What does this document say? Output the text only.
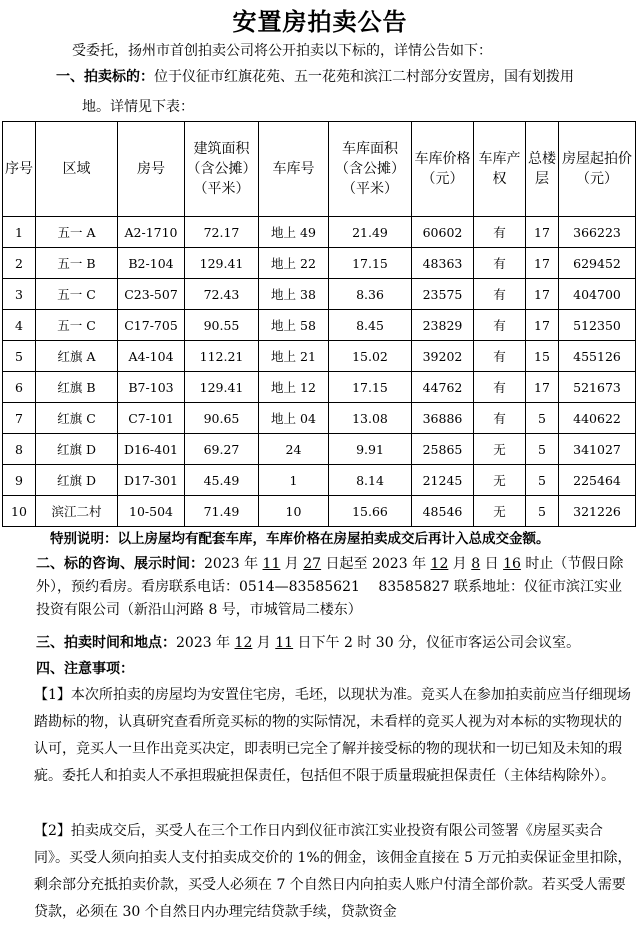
安置房拍卖公告
受委托，扬州市首创拍卖公司将公开拍卖以下标的，详情公告如下：
一、拍卖标的：位于仪征市红旗花苑、五一花苑和滨江二村部分安置房，国有划拨用
地。详情见下表：
序号	区域	房号	建筑面积（含公摊）（平米）	车库号	车库面积（含公摊）（平米）	车库价格（元）	车库产权	总楼层	房屋起拍价（元）
1	五一 A	A2-1710	72.17	地上 49	21.49	60602	有	17	366223
2	五一 B	B2-104	129.41	地上 22	17.15	48363	有	17	629452
3	五一 C	C23-507	72.43	地上 38	8.36	23575	有	17	404700
4	五一 C	C17-705	90.55	地上 58	8.45	23829	有	17	512350
5	红旗 A	A4-104	112.21	地上 21	15.02	39202	有	15	455126
6	红旗 B	B7-103	129.41	地上 12	17.15	44762	有	17	521673
7	红旗 C	C7-101	90.65	地上 04	13.08	36886	有	5	440622
8	红旗 D	D16-401	69.27	24	9.91	25865	无	5	341027
9	红旗 D	D17-301	45.49	1	8.14	21245	无	5	225464
10	滨江二村	10-504	71.49	10	15.66	48546	无	5	321226
特别说明：以上房屋均有配套车库，车库价格在房屋拍卖成交后再计入总成交金额。
二、标的咨询、展示时间：2023 年 11 月 27 日起至 2023 年 12 月 8 日 16 时止（节假日除外），预约看房。看房联系电话：0514—83585621　 83585827 联系地址：仪征市滨江实业投资有限公司（新沿山河路 8 号，市城管局二楼东）
三、拍卖时间和地点：2023 年 12 月 11 日下午 2 时 30 分，仪征市客运公司会议室。
四、注意事项：
【1】本次所拍卖的房屋均为安置住宅房，毛坯，以现状为准。竞买人在参加拍卖前应当仔细现场踏勘标的物，认真研究查看所竞买标的物的实际情况，未看样的竞买人视为对本标的实物现状的认可，竞买人一旦作出竞买决定，即表明已完全了解并接受标的物的现状和一切已知及未知的瑕疵。委托人和拍卖人不承担瑕疵担保责任，包括但不限于质量瑕疵担保责任（主体结构除外）。
【2】拍卖成交后，买受人在三个工作日内到仪征市滨江实业投资有限公司签署《房屋买卖合同》。买受人须向拍卖人支付拍卖成交价的 1%的佣金，该佣金直接在 5 万元拍卖保证金里扣除，剩余部分充抵拍卖价款，买受人必须在 7 个自然日内向拍卖人账户付清全部价款。若买受人需要贷款，必须在 30 个自然日内办理完结贷款手续，贷款资金
